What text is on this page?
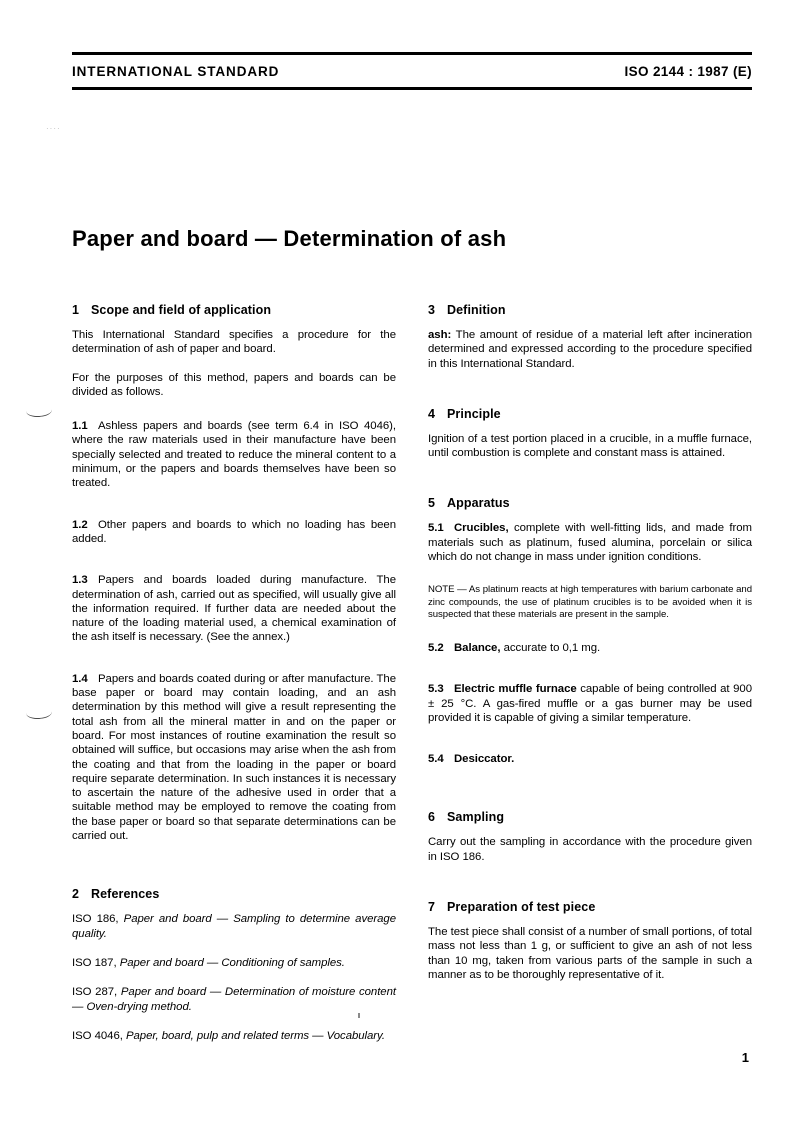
INTERNATIONAL STANDARD	ISO 2144 : 1987 (E)
Paper and board — Determination of ash
1 Scope and field of application

This International Standard specifies a procedure for the determination of ash of paper and board.

For the purposes of this method, papers and boards can be divided as follows.

1.1 Ashless papers and boards (see term 6.4 in ISO 4046), where the raw materials used in their manufacture have been specially selected and treated to reduce the mineral content to a minimum, or the papers and boards themselves have been so treated.

1.2 Other papers and boards to which no loading has been added.

1.3 Papers and boards loaded during manufacture. The determination of ash, carried out as specified, will usually give all the information required. If further data are needed about the nature of the loading material used, a chemical examination of the ash itself is necessary. (See the annex.)

1.4 Papers and boards coated during or after manufacture. The base paper or board may contain loading, and an ash determination by this method will give a result representing the total ash from all the mineral matter in and on the paper or board. For most instances of routine examination the result so obtained will suffice, but occasions may arise when the ash from the coating and that from the loading in the paper or board require separate determination. In such instances it is necessary to ascertain the nature of the adhesive used in order that a suitable method may be employed to remove the coating from the base paper or board so that separate determinations can be carried out.

2 References

ISO 186, Paper and board — Sampling to determine average quality.

ISO 187, Paper and board — Conditioning of samples.

ISO 287, Paper and board — Determination of moisture content — Oven-drying method.

ISO 4046, Paper, board, pulp and related terms — Vocabulary.

3 Definition

ash: The amount of residue of a material left after incineration determined and expressed according to the procedure specified in this International Standard.

4 Principle

Ignition of a test portion placed in a crucible, in a muffle furnace, until combustion is complete and constant mass is attained.

5 Apparatus

5.1 Crucibles, complete with well-fitting lids, and made from materials such as platinum, fused alumina, porcelain or silica which do not change in mass under ignition conditions.

NOTE — As platinum reacts at high temperatures with barium carbonate and zinc compounds, the use of platinum crucibles is to be avoided when it is suspected that these materials are present in the sample.

5.2 Balance, accurate to 0,1 mg.

5.3 Electric muffle furnace capable of being controlled at 900 ± 25 °C. A gas-fired muffle or a gas burner may be used provided it is capable of giving a similar temperature.

5.4 Desiccator.

6 Sampling

Carry out the sampling in accordance with the procedure given in ISO 186.

7 Preparation of test piece

The test piece shall consist of a number of small portions, of total mass not less than 1 g, or sufficient to give an ash of not less than 10 mg, taken from various parts of the sample in such a manner as to be thoroughly representative of it.

1
····
